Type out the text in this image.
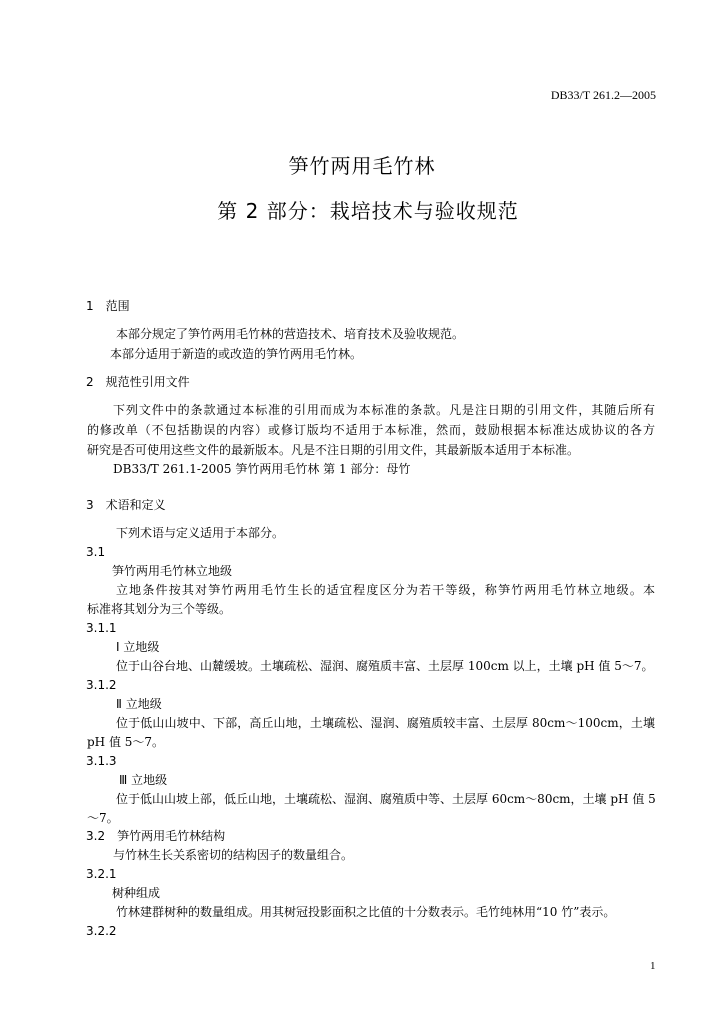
DB33/T 261.2—2005
笋竹两用毛竹林
第 2 部分：栽培技术与验收规范
1　范围
本部分规定了笋竹两用毛竹林的营造技术、培育技术及验收规范。
本部分适用于新造的或改造的笋竹两用毛竹林。
2　规范性引用文件
下列文件中的条款通过本标准的引用而成为本标准的条款。凡是注日期的引用文件，其随后所有
的修改单（不包括勘误的内容）或修订版均不适用于本标准，然而，鼓励根据本标准达成协议的各方
研究是否可使用这些文件的最新版本。凡是不注日期的引用文件，其最新版本适用于本标准。
DB33/T 261.1-2005 笋竹两用毛竹林 第 1 部分：母竹
3　术语和定义
下列术语与定义适用于本部分。
3.1
笋竹两用毛竹林立地级
立地条件按其对笋竹两用毛竹生长的适宜程度区分为若干等级，称笋竹两用毛竹林立地级。本
标准将其划分为三个等级。
3.1.1
Ⅰ 立地级
位于山谷台地、山麓缓坡。土壤疏松、湿润、腐殖质丰富、土层厚 100cm 以上，土壤 pH 值 5～7。
3.1.2
Ⅱ 立地级
位于低山山坡中、下部，高丘山地，土壤疏松、湿润、腐殖质较丰富、土层厚 80cm～100cm，土壤
pH 值 5～7。
3.1.3
Ⅲ 立地级
位于低山山坡上部，低丘山地，土壤疏松、湿润、腐殖质中等、土层厚 60cm～80cm，土壤 pH 值 5
～7。
3.2　笋竹两用毛竹林结构
与竹林生长关系密切的结构因子的数量组合。
3.2.1
树种组成
竹林建群树种的数量组成。用其树冠投影面积之比值的十分数表示。毛竹纯林用“10 竹”表示。
3.2.2
1
